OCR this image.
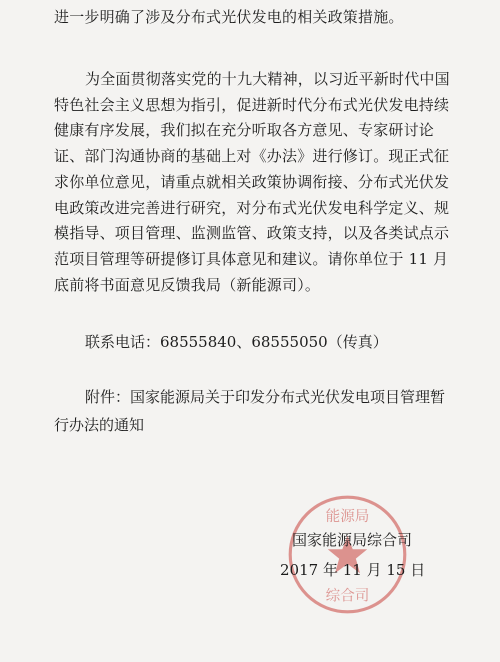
进一步明确了涉及分布式光伏发电的相关政策措施。

为全面贯彻落实党的十九大精神，以习近平新时代中国特色社会主义思想为指引，促进新时代分布式光伏发电持续健康有序发展，我们拟在充分听取各方意见、专家研讨论证、部门沟通协商的基础上对《办法》进行修订。现正式征求你单位意见，请重点就相关政策协调衔接、分布式光伏发电政策改进完善进行研究，对分布式光伏发电科学定义、规模指导、项目管理、监测监管、政策支持，以及各类试点示范项目管理等研提修订具体意见和建议。请你单位于 11 月底前将书面意见反馈我局（新能源司）。

联系电话：68555840、68555050（传真）

附件：国家能源局关于印发分布式光伏发电项目管理暂
行办法的通知

能源局
综合司

国家能源局综合司

2017 年 11 月 15 日
